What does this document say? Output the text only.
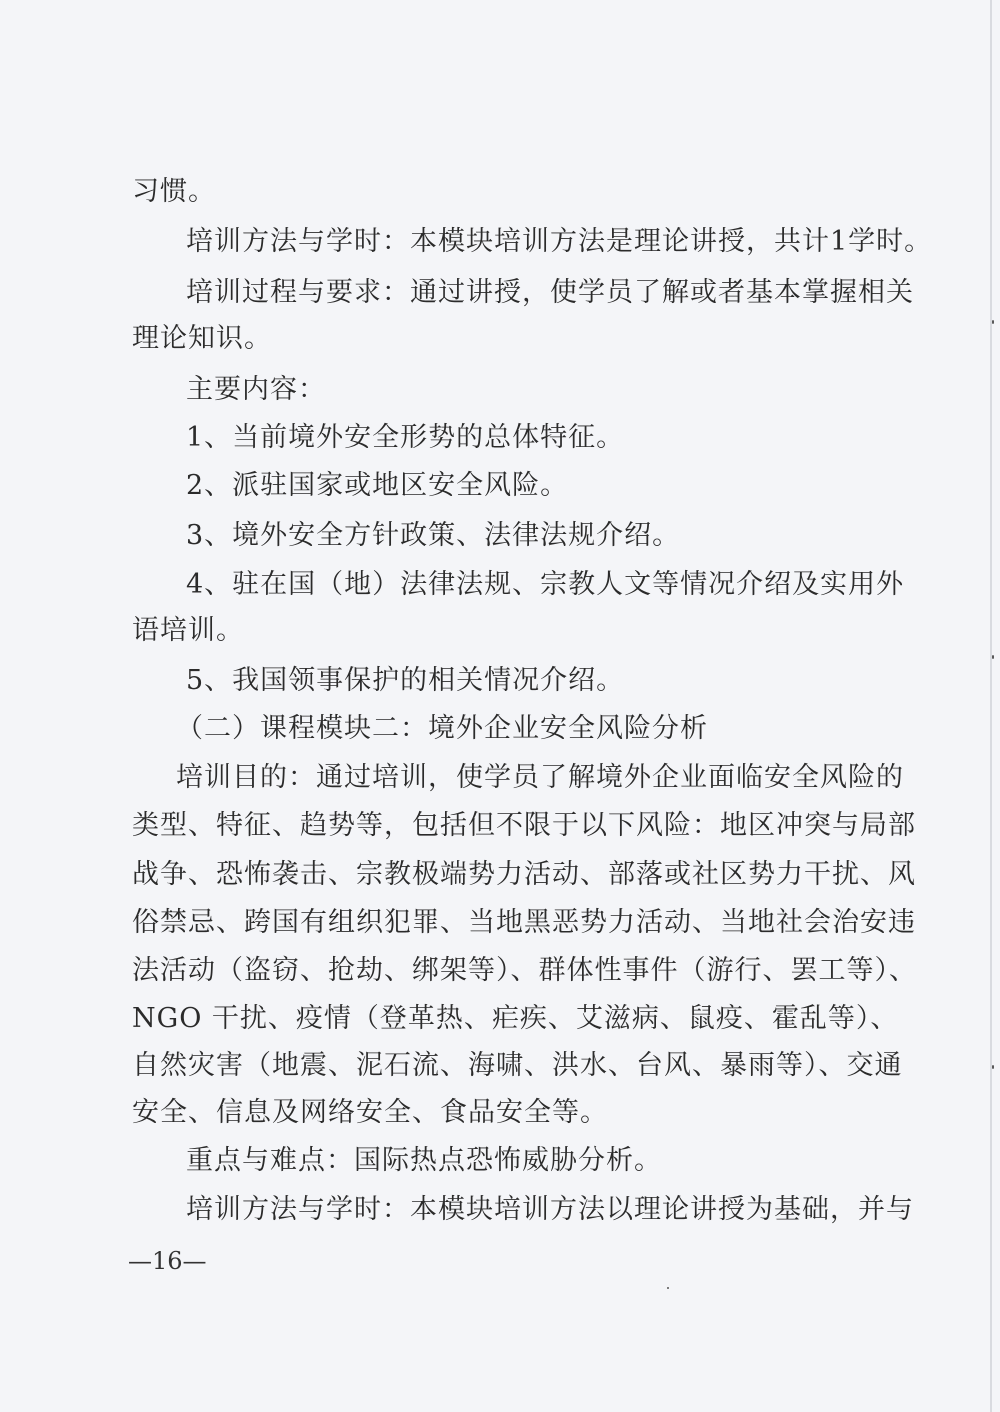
习惯。
培训方法与学时：本模块培训方法是理论讲授，共计1学时。
培训过程与要求：通过讲授，使学员了解或者基本掌握相关
理论知识。
主要内容：
1、当前境外安全形势的总体特征。
2、派驻国家或地区安全风险。
3、境外安全方针政策、法律法规介绍。
4、驻在国（地）法律法规、宗教人文等情况介绍及实用外
语培训。
5、我国领事保护的相关情况介绍。
（二）课程模块二：境外企业安全风险分析
培训目的：通过培训，使学员了解境外企业面临安全风险的
类型、特征、趋势等，包括但不限于以下风险：地区冲突与局部
战争、恐怖袭击、宗教极端势力活动、部落或社区势力干扰、风
俗禁忌、跨国有组织犯罪、当地黑恶势力活动、当地社会治安违
法活动（盗窃、抢劫、绑架等）、群体性事件（游行、罢工等）、
NGO 干扰、疫情（登革热、疟疾、艾滋病、鼠疫、霍乱等）、
自然灾害（地震、泥石流、海啸、洪水、台风、暴雨等）、交通
安全、信息及网络安全、食品安全等。
重点与难点：国际热点恐怖威胁分析。
培训方法与学时：本模块培训方法以理论讲授为基础，并与
—16—
